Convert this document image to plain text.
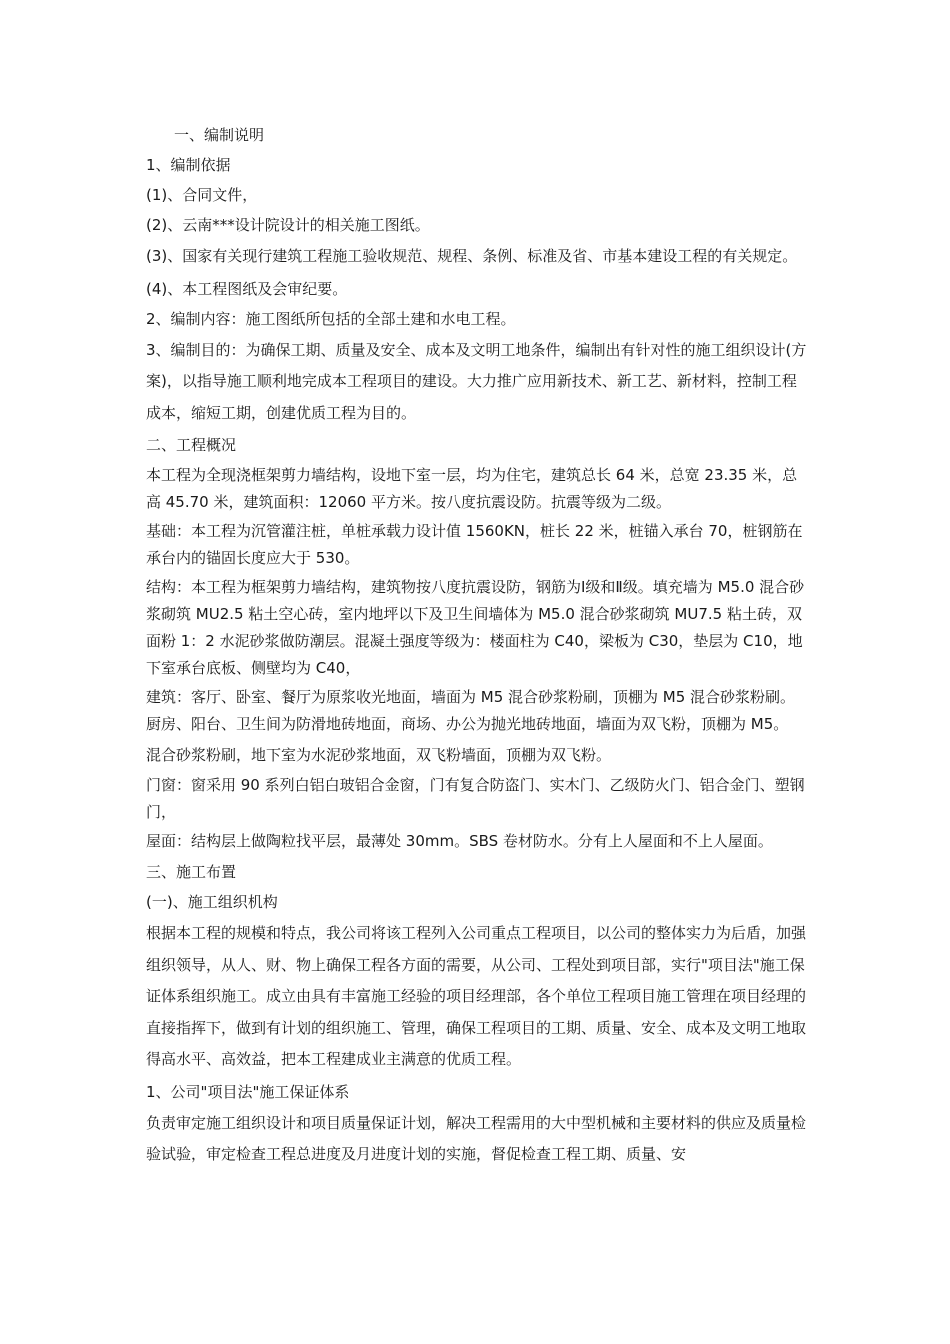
一、编制说明

1、编制依据

(1)、合同文件，

(2)、云南***设计院设计的相关施工图纸。

(3)、国家有关现行建筑工程施工验收规范、规程、条例、标准及省、市基本建设工程的有关规定。

(4)、本工程图纸及会审纪要。

2、编制内容：施工图纸所包括的全部土建和水电工程。

3、编制目的：为确保工期、质量及安全、成本及文明工地条件，编制出有针对性的施工组织设计(方案)，以指导施工顺利地完成本工程项目的建设。大力推广应用新技术、新工艺、新材料，控制工程成本，缩短工期，创建优质工程为目的。

二、工程概况

本工程为全现浇框架剪力墙结构，设地下室一层，均为住宅，建筑总长 64 米，总宽 23.35 米，总高 45.70 米，建筑面积：12060 平方米。按八度抗震设防。抗震等级为二级。

基础：本工程为沉管灌注桩，单桩承载力设计值 1560KN，桩长 22 米，桩锚入承台 70，桩钢筋在承台内的锚固长度应大于 530。

结构：本工程为框架剪力墙结构，建筑物按八度抗震设防，钢筋为Ⅰ级和Ⅱ级。填充墙为 M5.0 混合砂浆砌筑 MU2.5 粘土空心砖，室内地坪以下及卫生间墙体为 M5.0 混合砂浆砌筑 MU7.5 粘土砖，双面粉 1：2 水泥砂浆做防潮层。混凝土强度等级为：楼面柱为 C40，梁板为 C30，垫层为 C10，地下室承台底板、侧壁均为 C40，

建筑：客厅、卧室、餐厅为原浆收光地面，墙面为 M5 混合砂浆粉刷，顶棚为 M5 混合砂浆粉刷。厨房、阳台、卫生间为防滑地砖地面，商场、办公为抛光地砖地面，墙面为双飞粉，顶棚为 M5。

混合砂浆粉刷，地下室为水泥砂浆地面，双飞粉墙面，顶棚为双飞粉。

门窗：窗采用 90 系列白铝白玻铝合金窗，门有复合防盗门、实木门、乙级防火门、铝合金门、塑钢门，

屋面：结构层上做陶粒找平层，最薄处 30mm。SBS 卷材防水。分有上人屋面和不上人屋面。

三、施工布置

(一)、施工组织机构

根据本工程的规模和特点，我公司将该工程列入公司重点工程项目，以公司的整体实力为后盾，加强组织领导，从人、财、物上确保工程各方面的需要，从公司、工程处到项目部，实行"项目法"施工保证体系组织施工。成立由具有丰富施工经验的项目经理部，各个单位工程项目施工管理在项目经理的直接指挥下，做到有计划的组织施工、管理，确保工程项目的工期、质量、安全、成本及文明工地取得高水平、高效益，把本工程建成业主满意的优质工程。

1、公司"项目法"施工保证体系

负责审定施工组织设计和项目质量保证计划，解决工程需用的大中型机械和主要材料的供应及质量检验试验，审定检查工程总进度及月进度计划的实施，督促检查工程工期、质量、安
